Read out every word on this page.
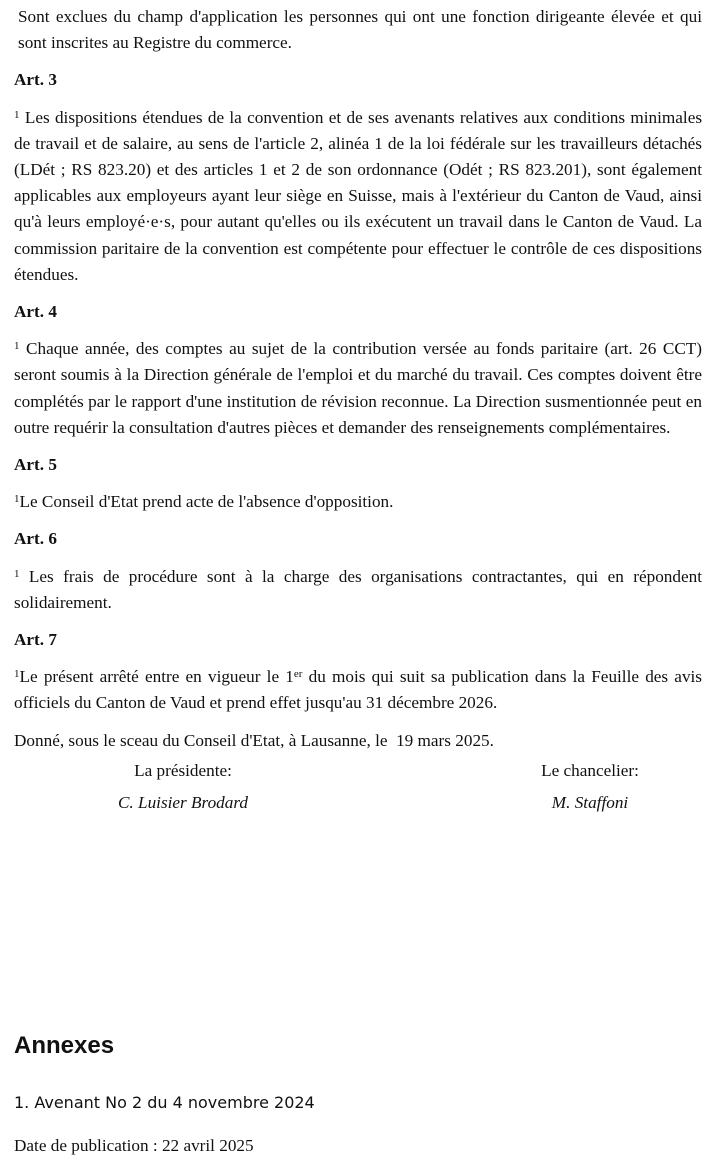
Sont exclues du champ d'application les personnes qui ont une fonction dirigeante élevée et qui sont inscrites au Registre du commerce.

Art. 3

$^1$ Les dispositions étendues de la convention et de ses avenants relatives aux conditions minimales de travail et de salaire, au sens de l'article 2, alinéa 1 de la loi fédérale sur les travailleurs détachés (LDét ; RS 823.20) et des articles 1 et 2 de son ordonnance (Odét ; RS 823.201), sont également applicables aux employeurs ayant leur siège en Suisse, mais à l'extérieur du Canton de Vaud, ainsi qu'à leurs employé·e·s, pour autant qu'elles ou ils exécutent un travail dans le Canton de Vaud. La commission paritaire de la convention est compétente pour effectuer le contrôle de ces dispositions étendues.

Art. 4

$^1$ Chaque année, des comptes au sujet de la contribution versée au fonds paritaire (art. 26 CCT) seront soumis à la Direction générale de l'emploi et du marché du travail. Ces comptes doivent être complétés par le rapport d'une institution de révision reconnue. La Direction susmentionnée peut en outre requérir la consultation d'autres pièces et demander des renseignements complémentaires.

Art. 5

$^1$Le Conseil d'Etat prend acte de l'absence d'opposition.

Art. 6

$^1$ Les frais de procédure sont à la charge des organisations contractantes, qui en répondent solidairement.

Art. 7

$^1$Le présent arrêté entre en vigueur le 1er du mois qui suit sa publication dans la Feuille des avis officiels du Canton de Vaud et prend effet jusqu'au 31 décembre 2026.

Donné, sous le sceau du Conseil d'Etat, à Lausanne, le  19 mars 2025.

La présidente:	Le chancelier:
C. Luisier Brodard	M. Staffoni
Annexes

1. Avenant No 2 du 4 novembre 2024

Date de publication : 22 avril 2025
